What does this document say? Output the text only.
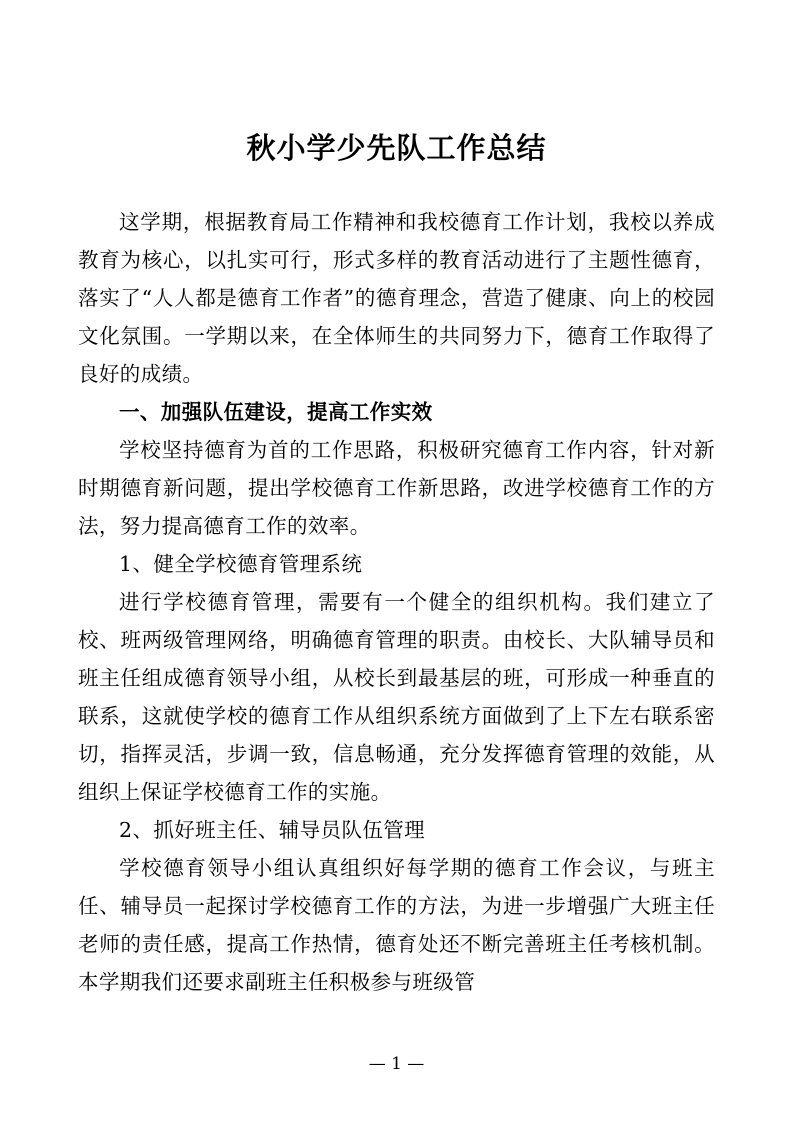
秋小学少先队工作总结

这学期，根据教育局工作精神和我校德育工作计划，我校以养成教育为核心，以扎实可行，形式多样的教育活动进行了主题性德育，落实了“人人都是德育工作者”的德育理念，营造了健康、向上的校园文化氛围。一学期以来，在全体师生的共同努力下，德育工作取得了良好的成绩。

一、加强队伍建设，提高工作实效

学校坚持德育为首的工作思路，积极研究德育工作内容，针对新时期德育新问题，提出学校德育工作新思路，改进学校德育工作的方法，努力提高德育工作的效率。

1、健全学校德育管理系统

进行学校德育管理，需要有一个健全的组织机构。我们建立了校、班两级管理网络，明确德育管理的职责。由校长、大队辅导员和班主任组成德育领导小组，从校长到最基层的班，可形成一种垂直的联系，这就使学校的德育工作从组织系统方面做到了上下左右联系密切，指挥灵活，步调一致，信息畅通，充分发挥德育管理的效能，从组织上保证学校德育工作的实施。

2、抓好班主任、辅导员队伍管理

学校德育领导小组认真组织好每学期的德育工作会议，与班主任、辅导员一起探讨学校德育工作的方法，为进一步增强广大班主任老师的责任感，提高工作热情，德育处还不断完善班主任考核机制。本学期我们还要求副班主任积极参与班级管

— 1 —
